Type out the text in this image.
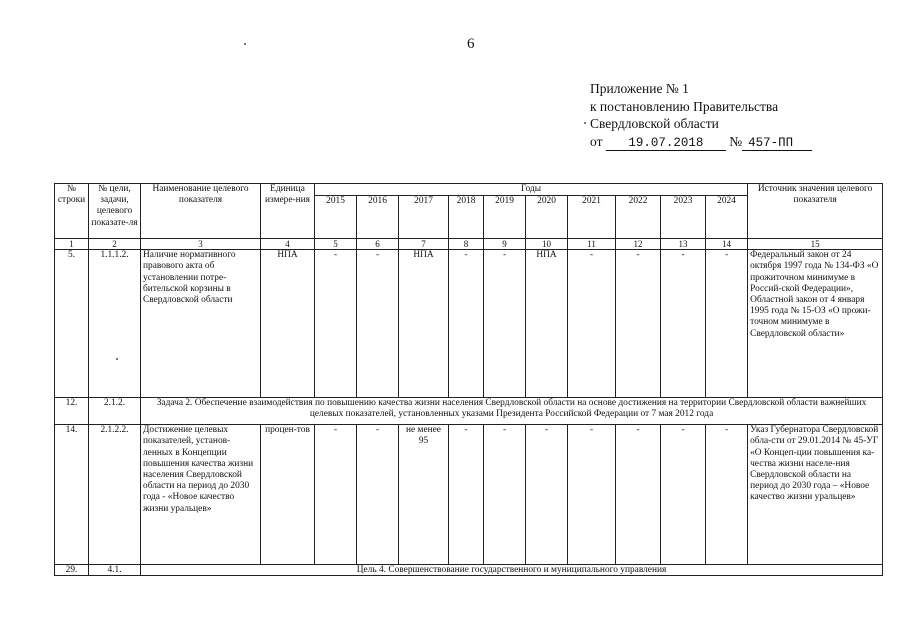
6
Приложение № 1
к постановлению Правительства
Свердловской области
от 19.07.2018 № 457-ПП
№ строки	№ цели, задачи, целевого показате-ля	Наименование целевого показателя	Единица измере-ния	Годы										Источник значения целевого показателя
				2015	2016	2017	2018	2019	2020	2021	2022	2023	2024	
1	2	3	4	5	6	7	8	9	10	11	12	13	14	15
5.	1.1.1.2.	Наличие нормативного правового акта об установлении потре-бительской корзины в Свердловской области	НПА	-	-	НПА	-	-	НПА	-	-	-	-	Федеральный закон от 24 октября 1997 года № 134-ФЗ «О прожиточном минимуме в Россий-ской Федерации», Областной закон от 4 января 1995 года № 15-ОЗ «О прожи-точном минимуме в Свердловской области»
12.	2.1.2.	Задача 2. Обеспечение взаимодействия по повышению качества жизни населения Свердловской области на основе достижения на территории Свердловской области важнейших целевых показателей, установленных указами Президента Российской Федерации от 7 мая 2012 года												
14.	2.1.2.2.	Достижение целевых показателей, установ-ленных в Концепции повышения качества жизни населения Свердловской области на период до 2030 года - «Новое качество жизни уральцев»	процен-тов	-	-	не менее 95	-	-	-	-	-	-	-	Указ Губернатора Свердловской обла-сти от 29.01.2014 № 45-УГ «О Концеп-ции повышения ка-чества жизни населе-ния Свердловской области на период до 2030 года – «Новое качество жизни уральцев»
29.	4.1.	Цель 4. Совершенствование государственного и муниципального управления												
